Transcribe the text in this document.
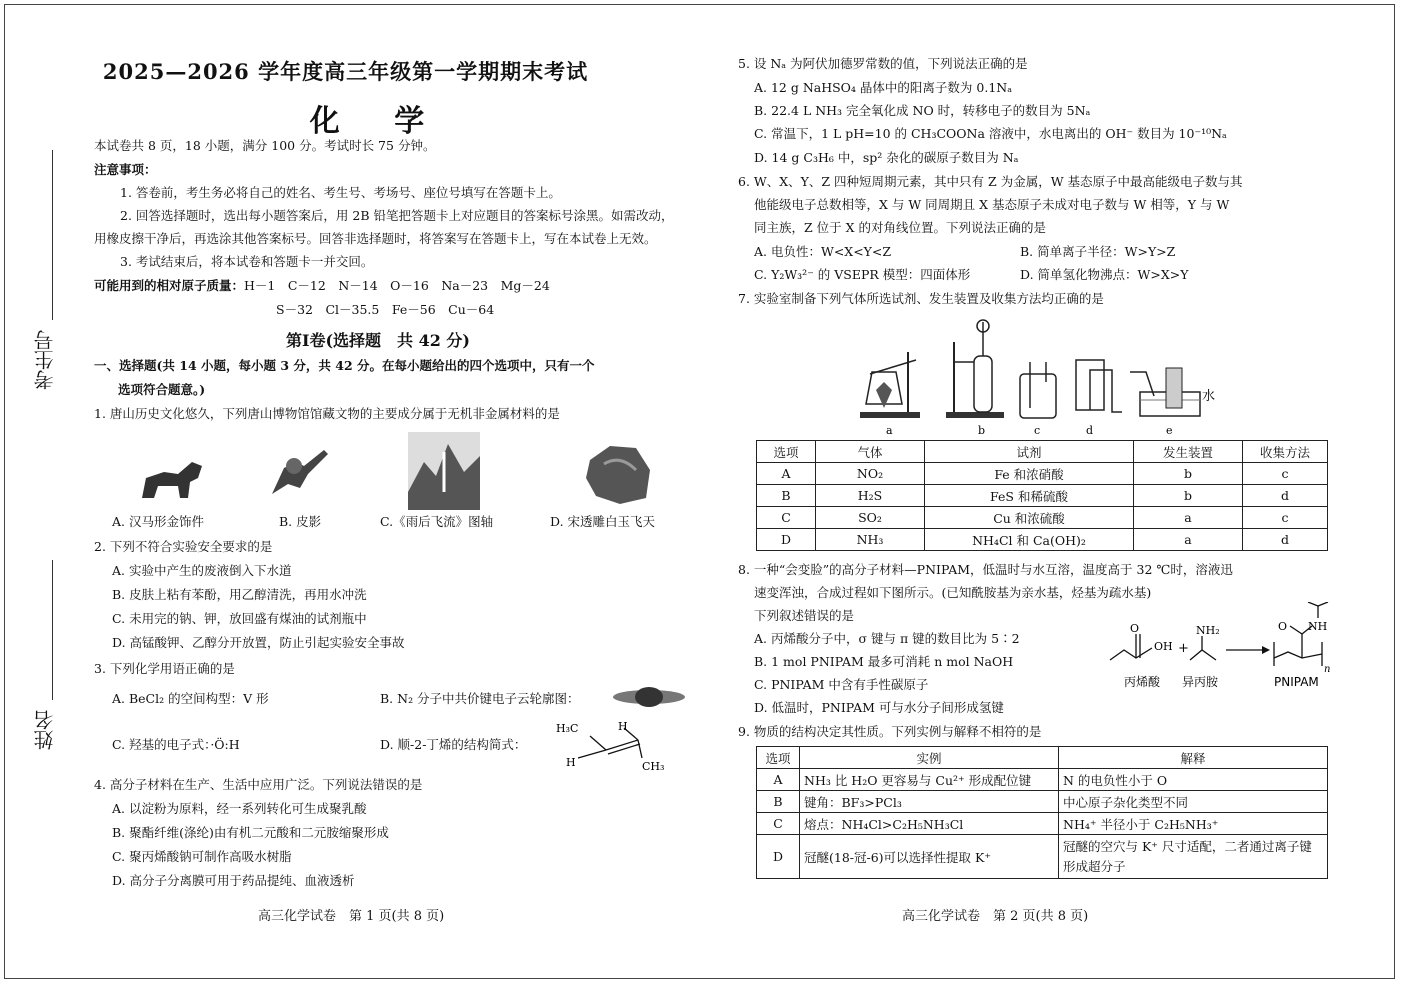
考生号
姓名
2025—2026 学年度高三年级第一学期期末考试
化 学
本试卷共 8 页，18 小题，满分 100 分。考试时长 75 分钟。
注意事项：
1. 答卷前，考生务必将自己的姓名、考生号、考场号、座位号填写在答题卡上。
2. 回答选择题时，选出每小题答案后，用 2B 铅笔把答题卡上对应题目的答案标号涂黑。如需改动，
用橡皮擦干净后，再选涂其他答案标号。回答非选择题时，将答案写在答题卡上，写在本试卷上无效。
3. 考试结束后，将本试卷和答题卡一并交回。
可能用到的相对原子质量：H－1　C－12　N－14　O－16　Na－23　Mg－24
S－32　Cl－35.5　Fe－56　Cu－64
第Ⅰ卷(选择题　共 42 分)
一、选择题(共 14 小题，每小题 3 分，共 42 分。在每小题给出的四个选项中，只有一个
选项符合题意。)
1. 唐山历史文化悠久，下列唐山博物馆馆藏文物的主要成分属于无机非金属材料的是
A. 汉马形金饰件	B. 皮影	C.《雨后飞流》图轴	D. 宋透雕白玉飞天
2. 下列不符合实验安全要求的是
A. 实验中产生的废液倒入下水道
B. 皮肤上粘有苯酚，用乙醇清洗，再用水冲洗
C. 未用完的钠、钾，放回盛有煤油的试剂瓶中
D. 高锰酸钾、乙醇分开放置，防止引起实验安全事故
3. 下列化学用语正确的是
A. BeCl₂ 的空间构型：V 形	B. N₂ 分子中共价键电子云轮廓图：
C. 羟基的电子式：·Ö:H	D. 顺-2-丁烯的结构简式：
H₃C	H
H	CH₃
4. 高分子材料在生产、生活中应用广泛。下列说法错误的是
A. 以淀粉为原料，经一系列转化可生成聚乳酸
B. 聚酯纤维(涤纶)由有机二元酸和二元胺缩聚形成
C. 聚丙烯酸钠可制作高吸水树脂
D. 高分子分离膜可用于药品提纯、血液透析
高三化学试卷　第 1 页(共 8 页)
5. 设 Nₐ 为阿伏加德罗常数的值，下列说法正确的是
A. 12 g NaHSO₄ 晶体中的阳离子数为 0.1Nₐ
B. 22.4 L NH₃ 完全氧化成 NO 时，转移电子的数目为 5Nₐ
C. 常温下，1 L pH=10 的 CH₃COONa 溶液中，水电离出的 OH⁻ 数目为 10⁻¹⁰Nₐ
D. 14 g C₃H₆ 中，sp² 杂化的碳原子数目为 Nₐ
6. W、X、Y、Z 四种短周期元素，其中只有 Z 为金属，W 基态原子中最高能级电子数与其
他能级电子总数相等，X 与 W 同周期且 X 基态原子未成对电子数与 W 相等，Y 与 W
同主族，Z 位于 X 的对角线位置。下列说法正确的是
A. 电负性：W<X<Y<Z	B. 简单离子半径：W>Y>Z
C. Y₂W₃²⁻ 的 VSEPR 模型：四面体形	D. 简单氢化物沸点：W>X>Y
7. 实验室制备下列气体所选试剂、发生装置及收集方法均正确的是
a	b	c	d	e
水
选项	气体	试剂	发生装置	收集方法
A	NO₂	Fe 和浓硝酸	b	c
B	H₂S	FeS 和稀硫酸	b	d
C	SO₂	Cu 和浓硫酸	a	c
D	NH₃	NH₄Cl 和 Ca(OH)₂	a	d
8. 一种“会变脸”的高分子材料—PNIPAM，低温时与水互溶，温度高于 32 ℃时，溶液迅
速变浑浊，合成过程如下图所示。(已知酰胺基为亲水基，烃基为疏水基)
下列叙述错误的是
A. 丙烯酸分子中，σ 键与 π 键的数目比为 5∶2
B. 1 mol PNIPAM 最多可消耗 n mol NaOH
C. PNIPAM 中含有手性碳原子
D. 低温时，PNIPAM 可与水分子间形成氢键
O
OH +
NH₂	O NH
n
丙烯酸 异丙胺	PNIPAM
9. 物质的结构决定其性质。下列实例与解释不相符的是
选项	实例	解释
A	NH₃ 比 H₂O 更容易与 Cu²⁺ 形成配位键	N 的电负性小于 O
B	键角：BF₃>PCl₃	中心原子杂化类型不同
C	熔点：NH₄Cl>C₂H₅NH₃Cl	NH₄⁺ 半径小于 C₂H₅NH₃⁺
D	冠醚(18-冠-6)可以选择性提取 K⁺	冠醚的空穴与 K⁺ 尺寸适配，二者通过离子键形成超分子
高三化学试卷　第 2 页(共 8 页)
